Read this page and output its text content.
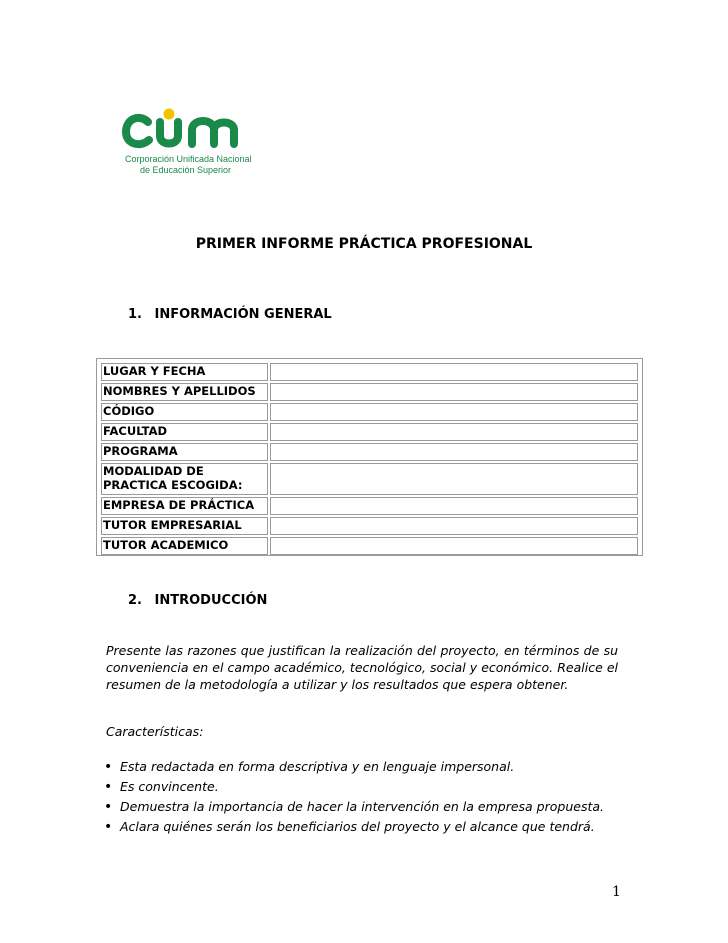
Corporación Unificada Nacional
de Educación Superior
PRIMER INFORME PRÁCTICA PROFESIONAL
1. INFORMACIÓN GENERAL
LUGAR Y FECHA	
NOMBRES Y APELLIDOS	
CÓDIGO	
FACULTAD	
PROGRAMA	
MODALIDAD DE PRACTICA ESCOGIDA:	
EMPRESA DE PRÁCTICA	
TUTOR EMPRESARIAL	
TUTOR ACADEMICO	
2. INTRODUCCIÓN
Presente las razones que justifican la realización del proyecto, en términos de su conveniencia en el campo académico, tecnológico, social y económico. Realice el resumen de la metodología a utilizar y los resultados que espera obtener.
Características:
• Esta redactada en forma descriptiva y en lenguaje impersonal.
• Es convincente.
• Demuestra la importancia de hacer la intervención en la empresa propuesta.
• Aclara quiénes serán los beneficiarios del proyecto y el alcance que tendrá.
1
